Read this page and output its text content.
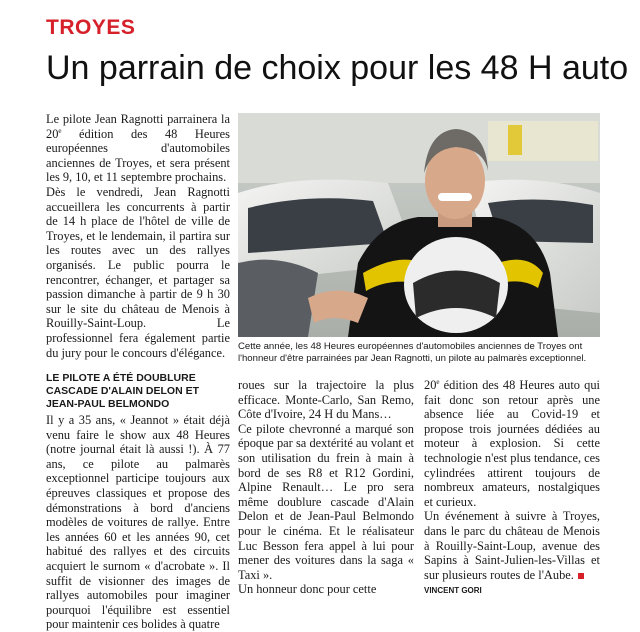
TROYES
Un parrain de choix pour les 48 H auto

Le pilote Jean Ragnotti parrainera la 20e édition des 48 Heures européennes d'automobiles anciennes de Troyes, et sera présent les 9, 10, et 11 septembre prochains.

Dès le vendredi, Jean Ragnotti accueillera les concurrents à partir de 14 h place de l'hôtel de ville de Troyes, et le lendemain, il partira sur les routes avec un des rallyes organisés. Le public pourra le rencontrer, échanger, et partager sa passion dimanche à partir de 9 h 30 sur le site du château de Menois à Rouilly-Saint-Loup. Le professionnel fera également partie du jury pour le concours d'élégance.

LE PILOTE A ÉTÉ DOUBLURE CASCADE D'ALAIN DELON ET JEAN-PAUL BELMONDO

Il y a 35 ans, « Jeannot » était déjà venu faire le show aux 48 Heures (notre journal était là aussi !). À 77 ans, ce pilote au palmarès exceptionnel participe toujours aux épreuves classiques et propose des démonstrations à bord d'anciens modèles de voitures de rallye. Entre les années 60 et les années 90, cet habitué des rallyes et des circuits acquiert le surnom « d'acrobate ». Il suffit de visionner des images de rallyes automobiles pour imaginer pourquoi l'équilibre est essentiel pour maintenir ces bolides à quatre

Cette année, les 48 Heures européennes d'automobiles anciennes de Troyes ont l'honneur d'être parrainées par Jean Ragnotti, un pilote au palmarès exceptionnel.

roues sur la trajectoire la plus efficace. Monte-Carlo, San Remo, Côte d'Ivoire, 24 H du Mans…

Ce pilote chevronné a marqué son époque par sa dextérité au volant et son utilisation du frein à main à bord de ses R8 et R12 Gordini, Alpine Renault… Le pro sera même doublure cascade d'Alain Delon et de Jean-Paul Belmondo pour le cinéma. Et le réalisateur Luc Besson fera appel à lui pour mener des voitures dans la saga « Taxi ».

Un honneur donc pour cette

20e édition des 48 Heures auto qui fait donc son retour après une absence liée au Covid-19 et propose trois journées dédiées au moteur à explosion. Si cette technologie n'est plus tendance, ces cylindrées attirent toujours de nombreux amateurs, nostalgiques et curieux.

Un événement à suivre à Troyes, dans le parc du château de Menois à Rouilly-Saint-Loup, avenue des Sapins à Saint-Julien-les-Villas et sur plusieurs routes de l'Aube.

VINCENT GORI
